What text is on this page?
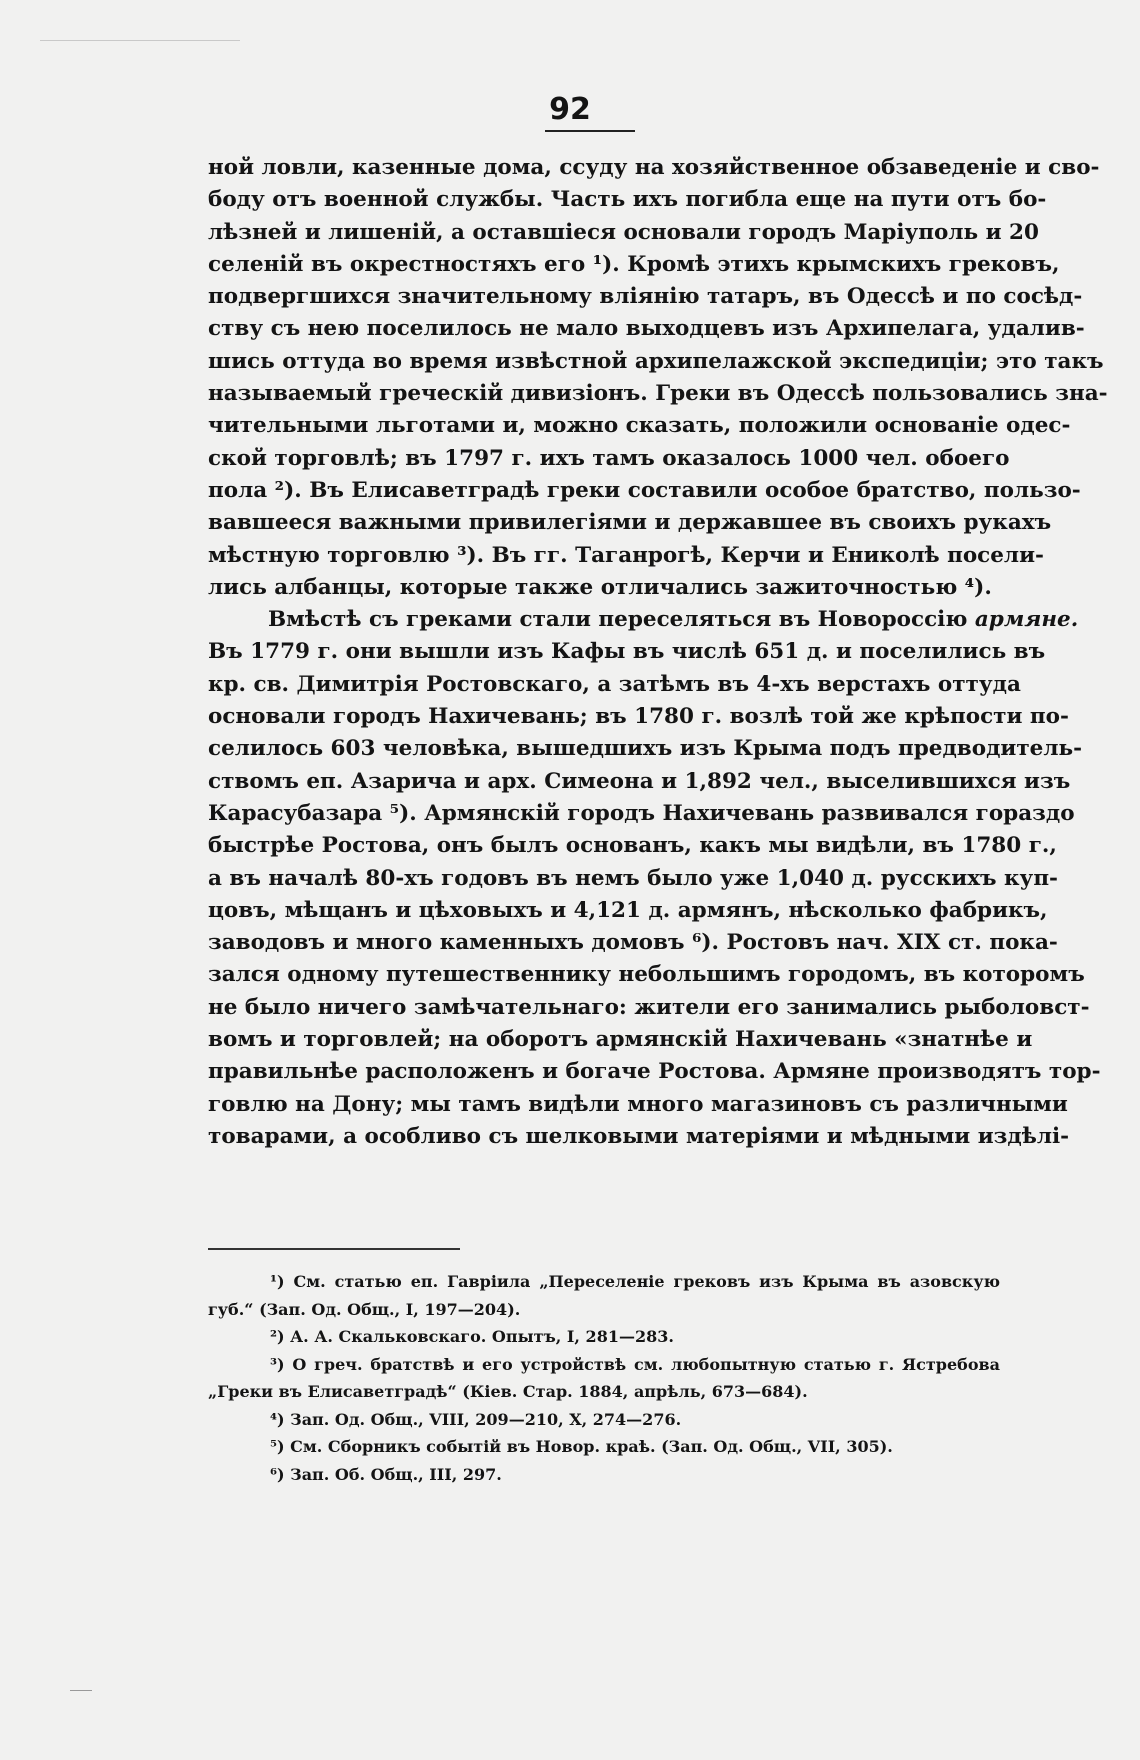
92
ной ловли, казенные дома, ссуду на хозяйственное обзаведеніе и сво-
боду отъ военной службы. Часть ихъ погибла еще на пути отъ бо-
лѣзней и лишеній, а оставшіеся основали городъ Маріуполь и 20
селеній въ окрестностяхъ его ¹). Кромѣ этихъ крымскихъ грековъ,
подвергшихся значительному вліянію татаръ, въ Одессѣ и по сосѣд-
ству съ нею поселилось не мало выходцевъ изъ Архипелага, удалив-
шись оттуда во время извѣстной архипелажской экспедиціи; это такъ
называемый греческій дивизіонъ. Греки въ Одессѣ пользовались зна-
чительными льготами и, можно сказать, положили основаніе одес-
ской торговлѣ; въ 1797 г. ихъ тамъ оказалось 1000 чел. обоего
пола ²). Въ Елисаветградѣ греки составили особое братство, пользо-
вавшееся важными привилегіями и державшее въ своихъ рукахъ
мѣстную торговлю ³). Въ гг. Таганрогѣ, Керчи и Ениколѣ посели-
лись албанцы, которые также отличались зажиточностью ⁴).
Вмѣстѣ съ греками стали переселяться въ Новороссію армяне.
Въ 1779 г. они вышли изъ Кафы въ числѣ 651 д. и поселились въ
кр. св. Димитрія Ростовскаго, а затѣмъ въ 4-хъ верстахъ оттуда
основали городъ Нахичевань; въ 1780 г. возлѣ той же крѣпости по-
селилось 603 человѣка, вышедшихъ изъ Крыма подъ предводитель-
ствомъ еп. Азарича и арх. Симеона и 1,892 чел., выселившихся изъ
Карасубазара ⁵). Армянскій городъ Нахичевань развивался гораздо
быстрѣе Ростова, онъ былъ основанъ, какъ мы видѣли, въ 1780 г.,
а въ началѣ 80-хъ годовъ въ немъ было уже 1,040 д. русскихъ куп-
цовъ, мѣщанъ и цѣховыхъ и 4,121 д. армянъ, нѣсколько фабрикъ,
заводовъ и много каменныхъ домовъ ⁶). Ростовъ нач. XIX ст. пока-
зался одному путешественнику небольшимъ городомъ, въ которомъ
не было ничего замѣчательнаго: жители его занимались рыболовст-
вомъ и торговлей; на оборотъ армянскій Нахичевань «знатнѣе и
правильнѣе расположенъ и богаче Ростова. Армяне производятъ тор-
говлю на Дону; мы тамъ видѣли много магазиновъ съ различными
товарами, а особливо съ шелковыми матеріями и мѣдными издѣлі-
¹) См. статью еп. Гавріила „Переселеніе грековъ изъ Крыма въ азовскую
губ.“ (Зап. Од. Общ., I, 197—204).
²) А. А. Скальковскаго. Опытъ, I, 281—283.
³) О греч. братствѣ и его устройствѣ см. любопытную статью г. Ястребова
„Греки въ Елисаветградѣ“ (Кіев. Стар. 1884, апрѣль, 673—684).
⁴) Зап. Од. Общ., VIII, 209—210, X, 274—276.
⁵) См. Сборникъ событій въ Новор. краѣ. (Зап. Од. Общ., VII, 305).
⁶) Зап. Об. Общ., III, 297.
